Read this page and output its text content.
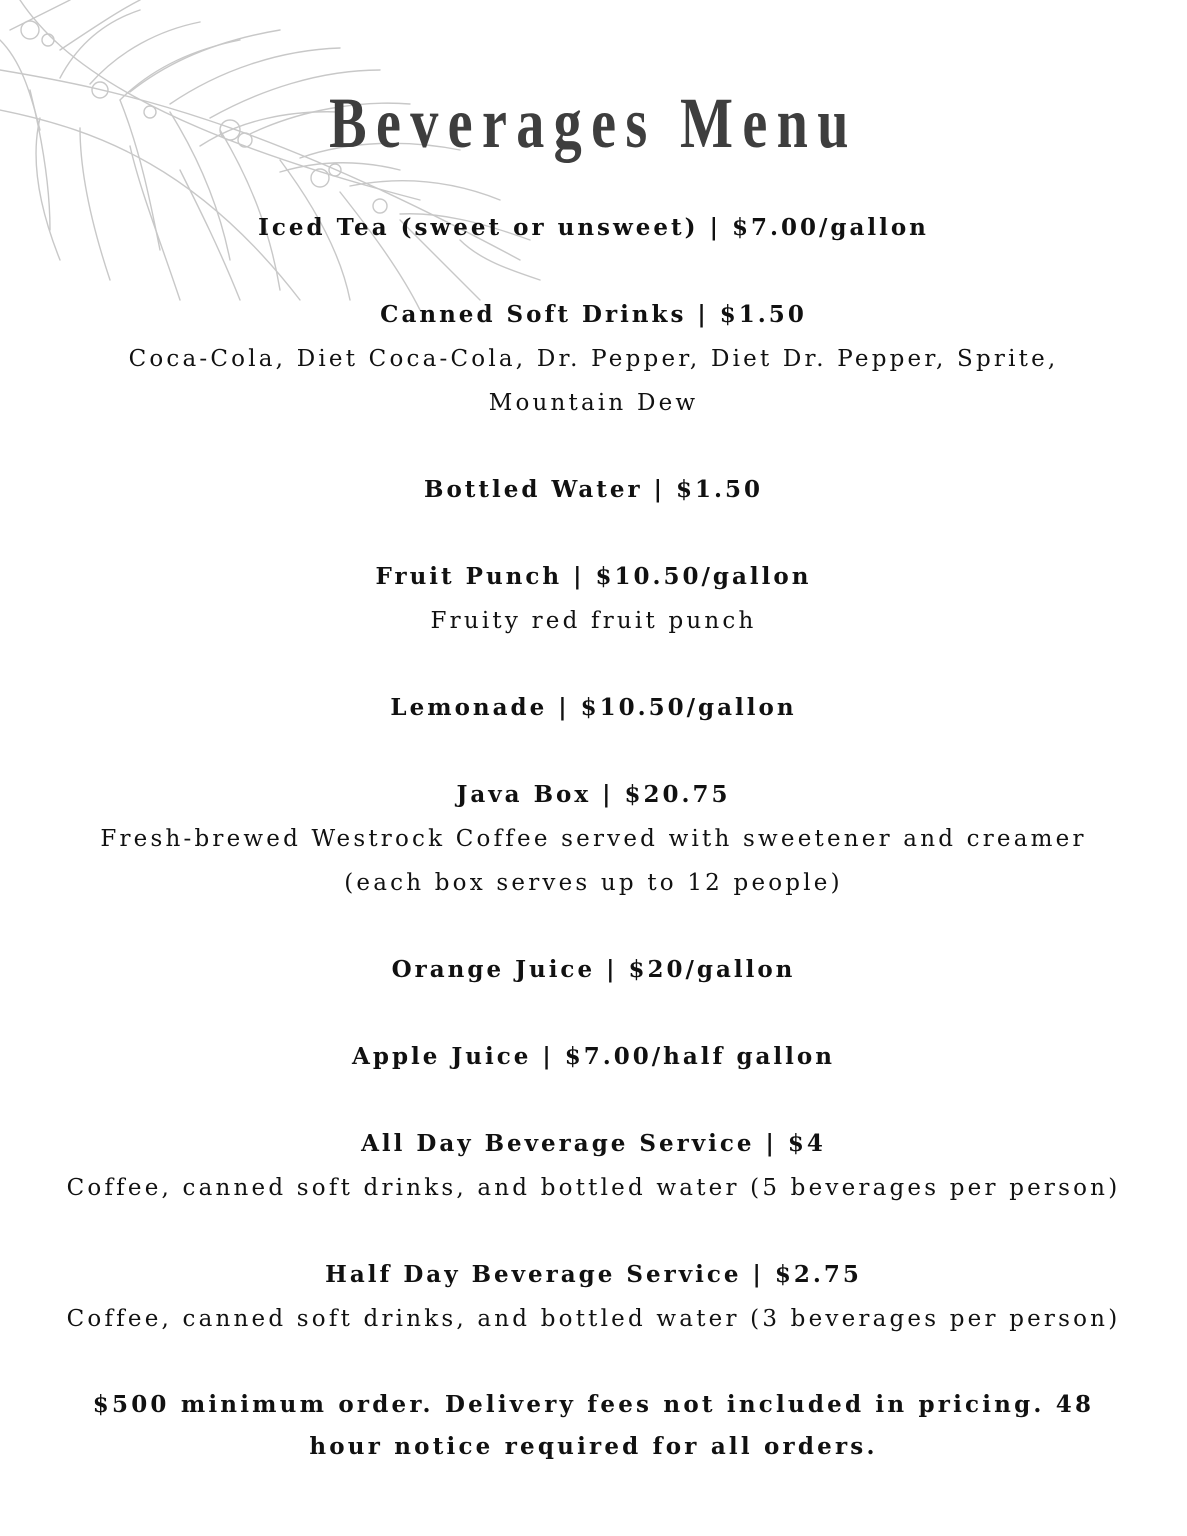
Beverages Menu

Iced Tea (sweet or unsweet) | $7.00/gallon

Canned Soft Drinks | $1.50

Coca-Cola, Diet Coca-Cola, Dr. Pepper, Diet Dr. Pepper, Sprite, Mountain Dew

Bottled Water | $1.50

Fruit Punch | $10.50/gallon

Fruity red fruit punch

Lemonade | $10.50/gallon

Java Box | $20.75

Fresh-brewed Westrock Coffee served with sweetener and creamer (each box serves up to 12 people)

Orange Juice | $20/gallon

Apple Juice | $7.00/half gallon

All Day Beverage Service | $4

Coffee, canned soft drinks, and bottled water (5 beverages per person)

Half Day Beverage Service | $2.75

Coffee, canned soft drinks, and bottled water (3 beverages per person)

$500 minimum order. Delivery fees not included in pricing. 48 hour notice required for all orders.
